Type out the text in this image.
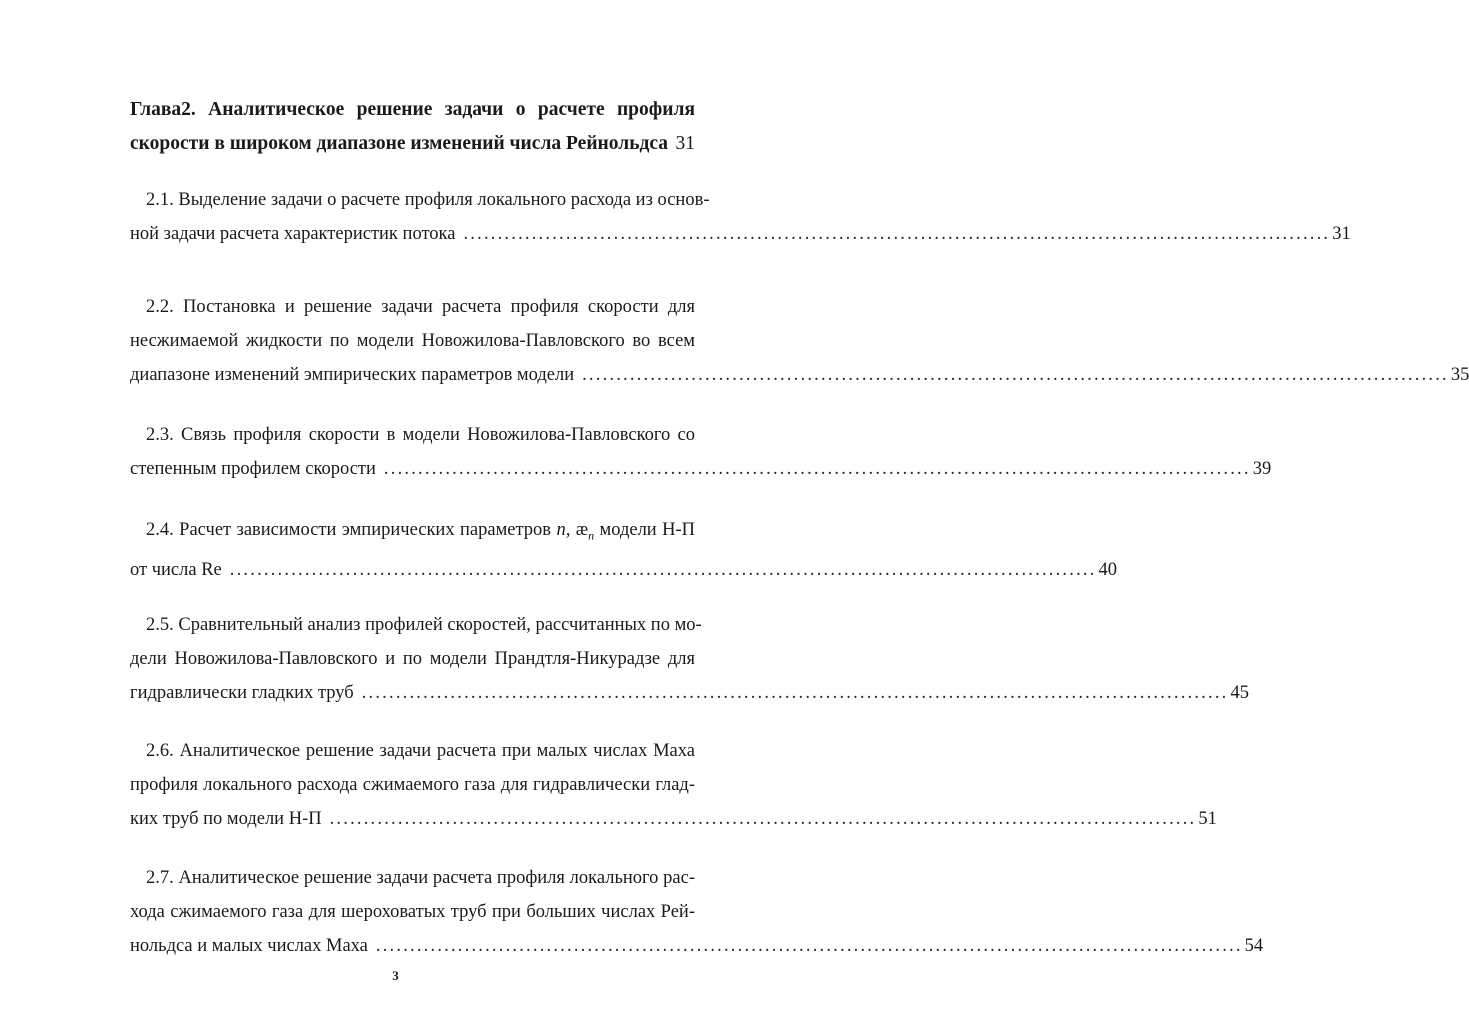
Глава2. Аналитическое решение задачи о расчете профиля
скорости в широком диапазоне изменений числа Рейнольдса 31
2.1. Выделение задачи о расчете профиля локального расхода из основ-
ной задачи расчета характеристик потока ............................................................................................................................... 31
2.2. Постановка и решение задачи расчета профиля скорости для
несжимаемой жидкости по модели Новожилова-Павловского во всем
диапазоне изменений эмпирических параметров модели ............................................................................................................................... 35
2.3. Связь профиля скорости в модели Новожилова-Павловского со
степенным профилем скорости ............................................................................................................................... 39
2.4. Расчет зависимости эмпирических параметров n, $æ_n$ модели Н-П
от числа Re ............................................................................................................................... 40
2.5. Сравнительный анализ профилей скоростей, рассчитанных по мо-
дели Новожилова-Павловского и по модели Прандтля-Никурадзе для
гидравлически гладких труб ............................................................................................................................... 45
2.6. Аналитическое решение задачи расчета при малых числах Маха
профиля локального расхода сжимаемого газа для гидравлически глад-
ких труб по модели Н-П ............................................................................................................................... 51
2.7. Аналитическое решение задачи расчета профиля локального рас-
хода сжимаемого газа для шероховатых труб при больших числах Рей-
нольдса и малых числах Маха ............................................................................................................................... 54
3
